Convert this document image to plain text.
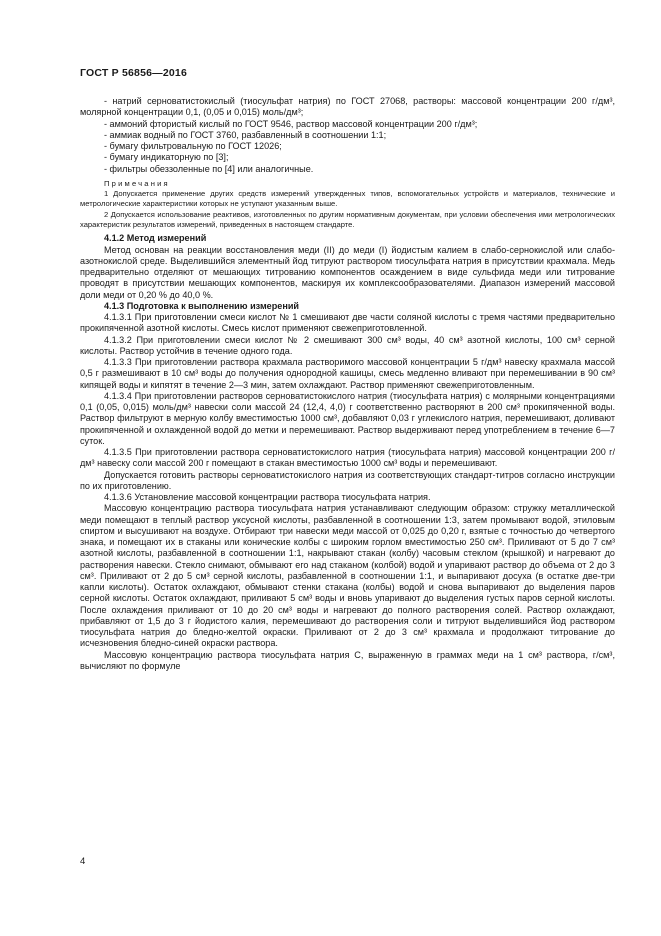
ГОСТ Р 56856—2016

- натрий серноватистокислый (тиосульфат натрия) по ГОСТ 27068, растворы: массовой концентрации 200 г/дм³, молярной концентрации 0,1, (0,05 и 0,015) моль/дм³;

- аммоний фтористый кислый по ГОСТ 9546, раствор массовой концентрации 200 г/дм³;

- аммиак водный по ГОСТ 3760, разбавленный в соотношении 1:1;

- бумагу фильтровальную по ГОСТ 12026;

- бумагу индикаторную по [3];

- фильтры обеззоленные по [4] или аналогичные.

Примечания

1 Допускается применение других средств измерений утвержденных типов, вспомогательных устройств и материалов, технические и метрологические характеристики которых не уступают указанным выше.

2 Допускается использование реактивов, изготовленных по другим нормативным документам, при условии обеспечения ими метрологических характеристик результатов измерений, приведенных в настоящем стандарте.

4.1.2 Метод измерений

Метод основан на реакции восстановления меди (II) до меди (I) йодистым калием в слабо-сернокислой или слабо-азотнокислой среде. Выделившийся элементный йод титруют раствором тиосульфата натрия в присутствии крахмала. Медь предварительно отделяют от мешающих титрованию компонентов осаждением в виде сульфида меди или титрование проводят в присутствии мешающих компонентов, маскируя их комплексообразователями. Диапазон измерений массовой доли меди от 0,20 % до 40,0 %.

4.1.3 Подготовка к выполнению измерений

4.1.3.1 При приготовлении смеси кислот № 1 смешивают две части соляной кислоты с тремя частями предварительно прокипяченной азотной кислоты. Смесь кислот применяют свежеприготовленной.

4.1.3.2 При приготовлении смеси кислот № 2 смешивают 300 см³ воды, 40 см³ азотной кислоты, 100 см³ серной кислоты. Раствор устойчив в течение одного года.

4.1.3.3 При приготовлении раствора крахмала растворимого массовой концентрации 5 г/дм³ навеску крахмала массой 0,5 г размешивают в 10 см³ воды до получения однородной кашицы, смесь медленно вливают при перемешивании в 90 см³ кипящей воды и кипятят в течение 2—3 мин, затем охлаждают. Раствор применяют свежеприготовленным.

4.1.3.4 При приготовлении растворов серноватистокислого натрия (тиосульфата натрия) с молярными концентрациями 0,1 (0,05, 0,015) моль/дм³ навески соли массой 24 (12,4, 4,0) г соответственно растворяют в 200 см³ прокипяченной воды. Раствор фильтруют в мерную колбу вместимостью 1000 см³, добавляют 0,03 г углекислого натрия, перемешивают, доливают прокипяченной и охлажденной водой до метки и перемешивают. Раствор выдерживают перед употреблением в течение 6—7 суток.

4.1.3.5 При приготовлении раствора серноватистокислого натрия (тиосульфата натрия) массовой концентрации 200 г/дм³ навеску соли массой 200 г помещают в стакан вместимостью 1000 см³ воды и перемешивают.

Допускается готовить растворы серноватистокислого натрия из соответствующих стандарт-титров согласно инструкции по их приготовлению.

4.1.3.6 Установление массовой концентрации раствора тиосульфата натрия.

Массовую концентрацию раствора тиосульфата натрия устанавливают следующим образом: стружку металлической меди помещают в теплый раствор уксусной кислоты, разбавленной в соотношении 1:3, затем промывают водой, этиловым спиртом и высушивают на воздухе. Отбирают три навески меди массой от 0,025 до 0,20 г, взятые с точностью до четвертого знака, и помещают их в стаканы или конические колбы с широким горлом вместимостью 250 см³. Приливают от 5 до 7 см³ азотной кислоты, разбавленной в соотношении 1:1, накрывают стакан (колбу) часовым стеклом (крышкой) и нагревают до растворения навески. Стекло снимают, обмывают его над стаканом (колбой) водой и упаривают раствор до объема от 2 до 3 см³. Приливают от 2 до 5 см³ серной кислоты, разбавленной в соотношении 1:1, и выпаривают досуха (в остатке две-три капли кислоты). Остаток охлаждают, обмывают стенки стакана (колбы) водой и снова выпаривают до выделения паров серной кислоты. Остаток охлаждают, приливают 5 см³ воды и вновь упаривают до выделения густых паров серной кислоты. После охлаждения приливают от 10 до 20 см³ воды и нагревают до полного растворения солей. Раствор охлаждают, прибавляют от 1,5 до 3 г йодистого калия, перемешивают до растворения соли и титруют выделившийся йод раствором тиосульфата натрия до бледно-желтой окраски. Приливают от 2 до 3 см³ крахмала и продолжают титрование до исчезновения бледно-синей окраски раствора.

Массовую концентрацию раствора тиосульфата натрия С, выраженную в граммах меди на 1 см³ раствора, г/см³, вычисляют по формуле

4
